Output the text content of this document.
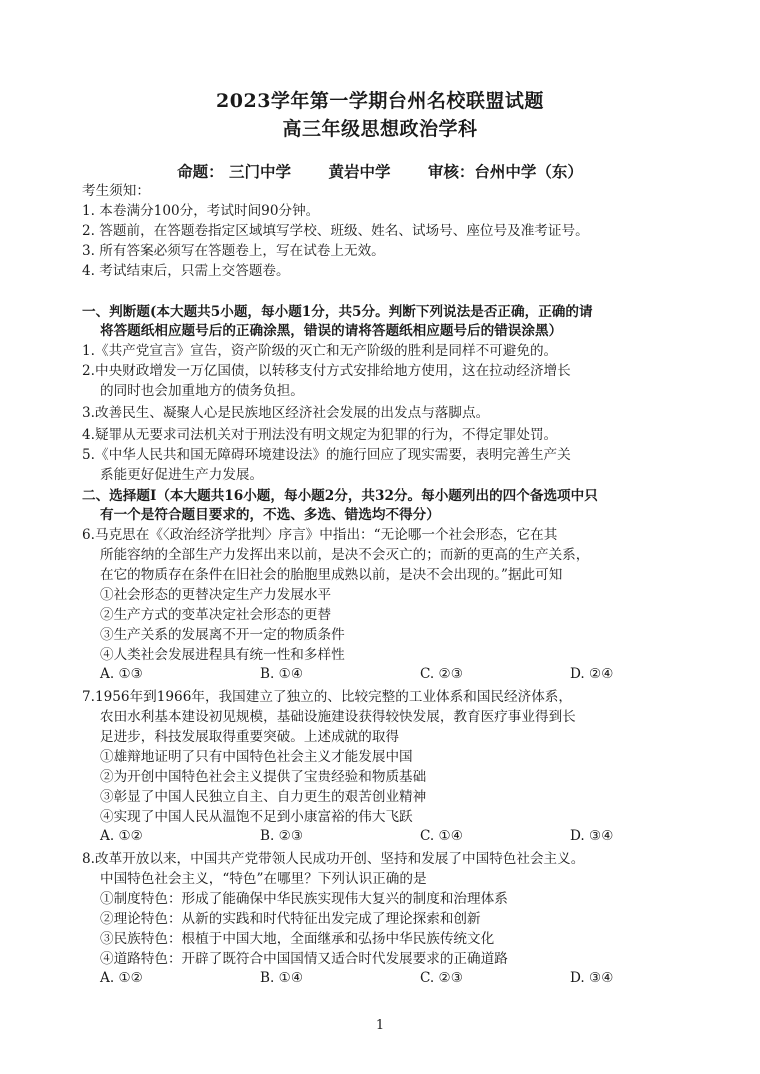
2023学年第一学期台州名校联盟试题
高三年级思想政治学科
命题： 三门中学 黄岩中学 审核：台州中学（东）
考生须知：
1. 本卷满分100分，考试时间90分钟。
2. 答题前，在答题卷指定区域填写学校、班级、姓名、试场号、座位号及准考证号。
3. 所有答案必须写在答题卷上，写在试卷上无效。
4. 考试结束后，只需上交答题卷。
一、判断题(本大题共5小题，每小题1分，共5分。判断下列说法是否正确，正确的请
将答题纸相应题号后的正确涂黑，错误的请将答题纸相应题号后的错误涂黑）
1.《共产党宣言》宣告，资产阶级的灭亡和无产阶级的胜利是同样不可避免的。
2.中央财政增发一万亿国债，以转移支付方式安排给地方使用，这在拉动经济增长
的同时也会加重地方的债务负担。
3.改善民生、凝聚人心是民族地区经济社会发展的出发点与落脚点。
4.疑罪从无要求司法机关对于刑法没有明文规定为犯罪的行为，不得定罪处罚。
5.《中华人民共和国无障碍环境建设法》的施行回应了现实需要，表明完善生产关
系能更好促进生产力发展。
二、选择题Ⅰ（本大题共16小题，每小题2分，共32分。每小题列出的四个备选项中只
有一个是符合题目要求的，不选、多选、错选均不得分）
6.马克思在《〈政治经济学批判〉序言》中指出：“无论哪一个社会形态，它在其
所能容纳的全部生产力发挥出来以前，是决不会灭亡的；而新的更高的生产关系，
在它的物质存在条件在旧社会的胎胞里成熟以前，是决不会出现的。”据此可知
①社会形态的更替决定生产力发展水平
②生产方式的变革决定社会形态的更替
③生产关系的发展离不开一定的物质条件
④人类社会发展进程具有统一性和多样性
A. ①③	B. ①④	C. ②③	D. ②④
7.1956年到1966年，我国建立了独立的、比较完整的工业体系和国民经济体系，
农田水利基本建设初见规模，基础设施建设获得较快发展，教育医疗事业得到长
足进步，科技发展取得重要突破。上述成就的取得
①雄辩地证明了只有中国特色社会主义才能发展中国
②为开创中国特色社会主义提供了宝贵经验和物质基础
③彰显了中国人民独立自主、自力更生的艰苦创业精神
④实现了中国人民从温饱不足到小康富裕的伟大飞跃
A. ①②	B. ②③	C. ①④	D. ③④
8.改革开放以来，中国共产党带领人民成功开创、坚持和发展了中国特色社会主义。
中国特色社会主义，“特色”在哪里？下列认识正确的是
①制度特色：形成了能确保中华民族实现伟大复兴的制度和治理体系
②理论特色：从新的实践和时代特征出发完成了理论探索和创新
③民族特色：根植于中国大地，全面继承和弘扬中华民族传统文化
④道路特色：开辟了既符合中国国情又适合时代发展要求的正确道路
A. ①②	B. ①④	C. ②③	D. ③④
1
